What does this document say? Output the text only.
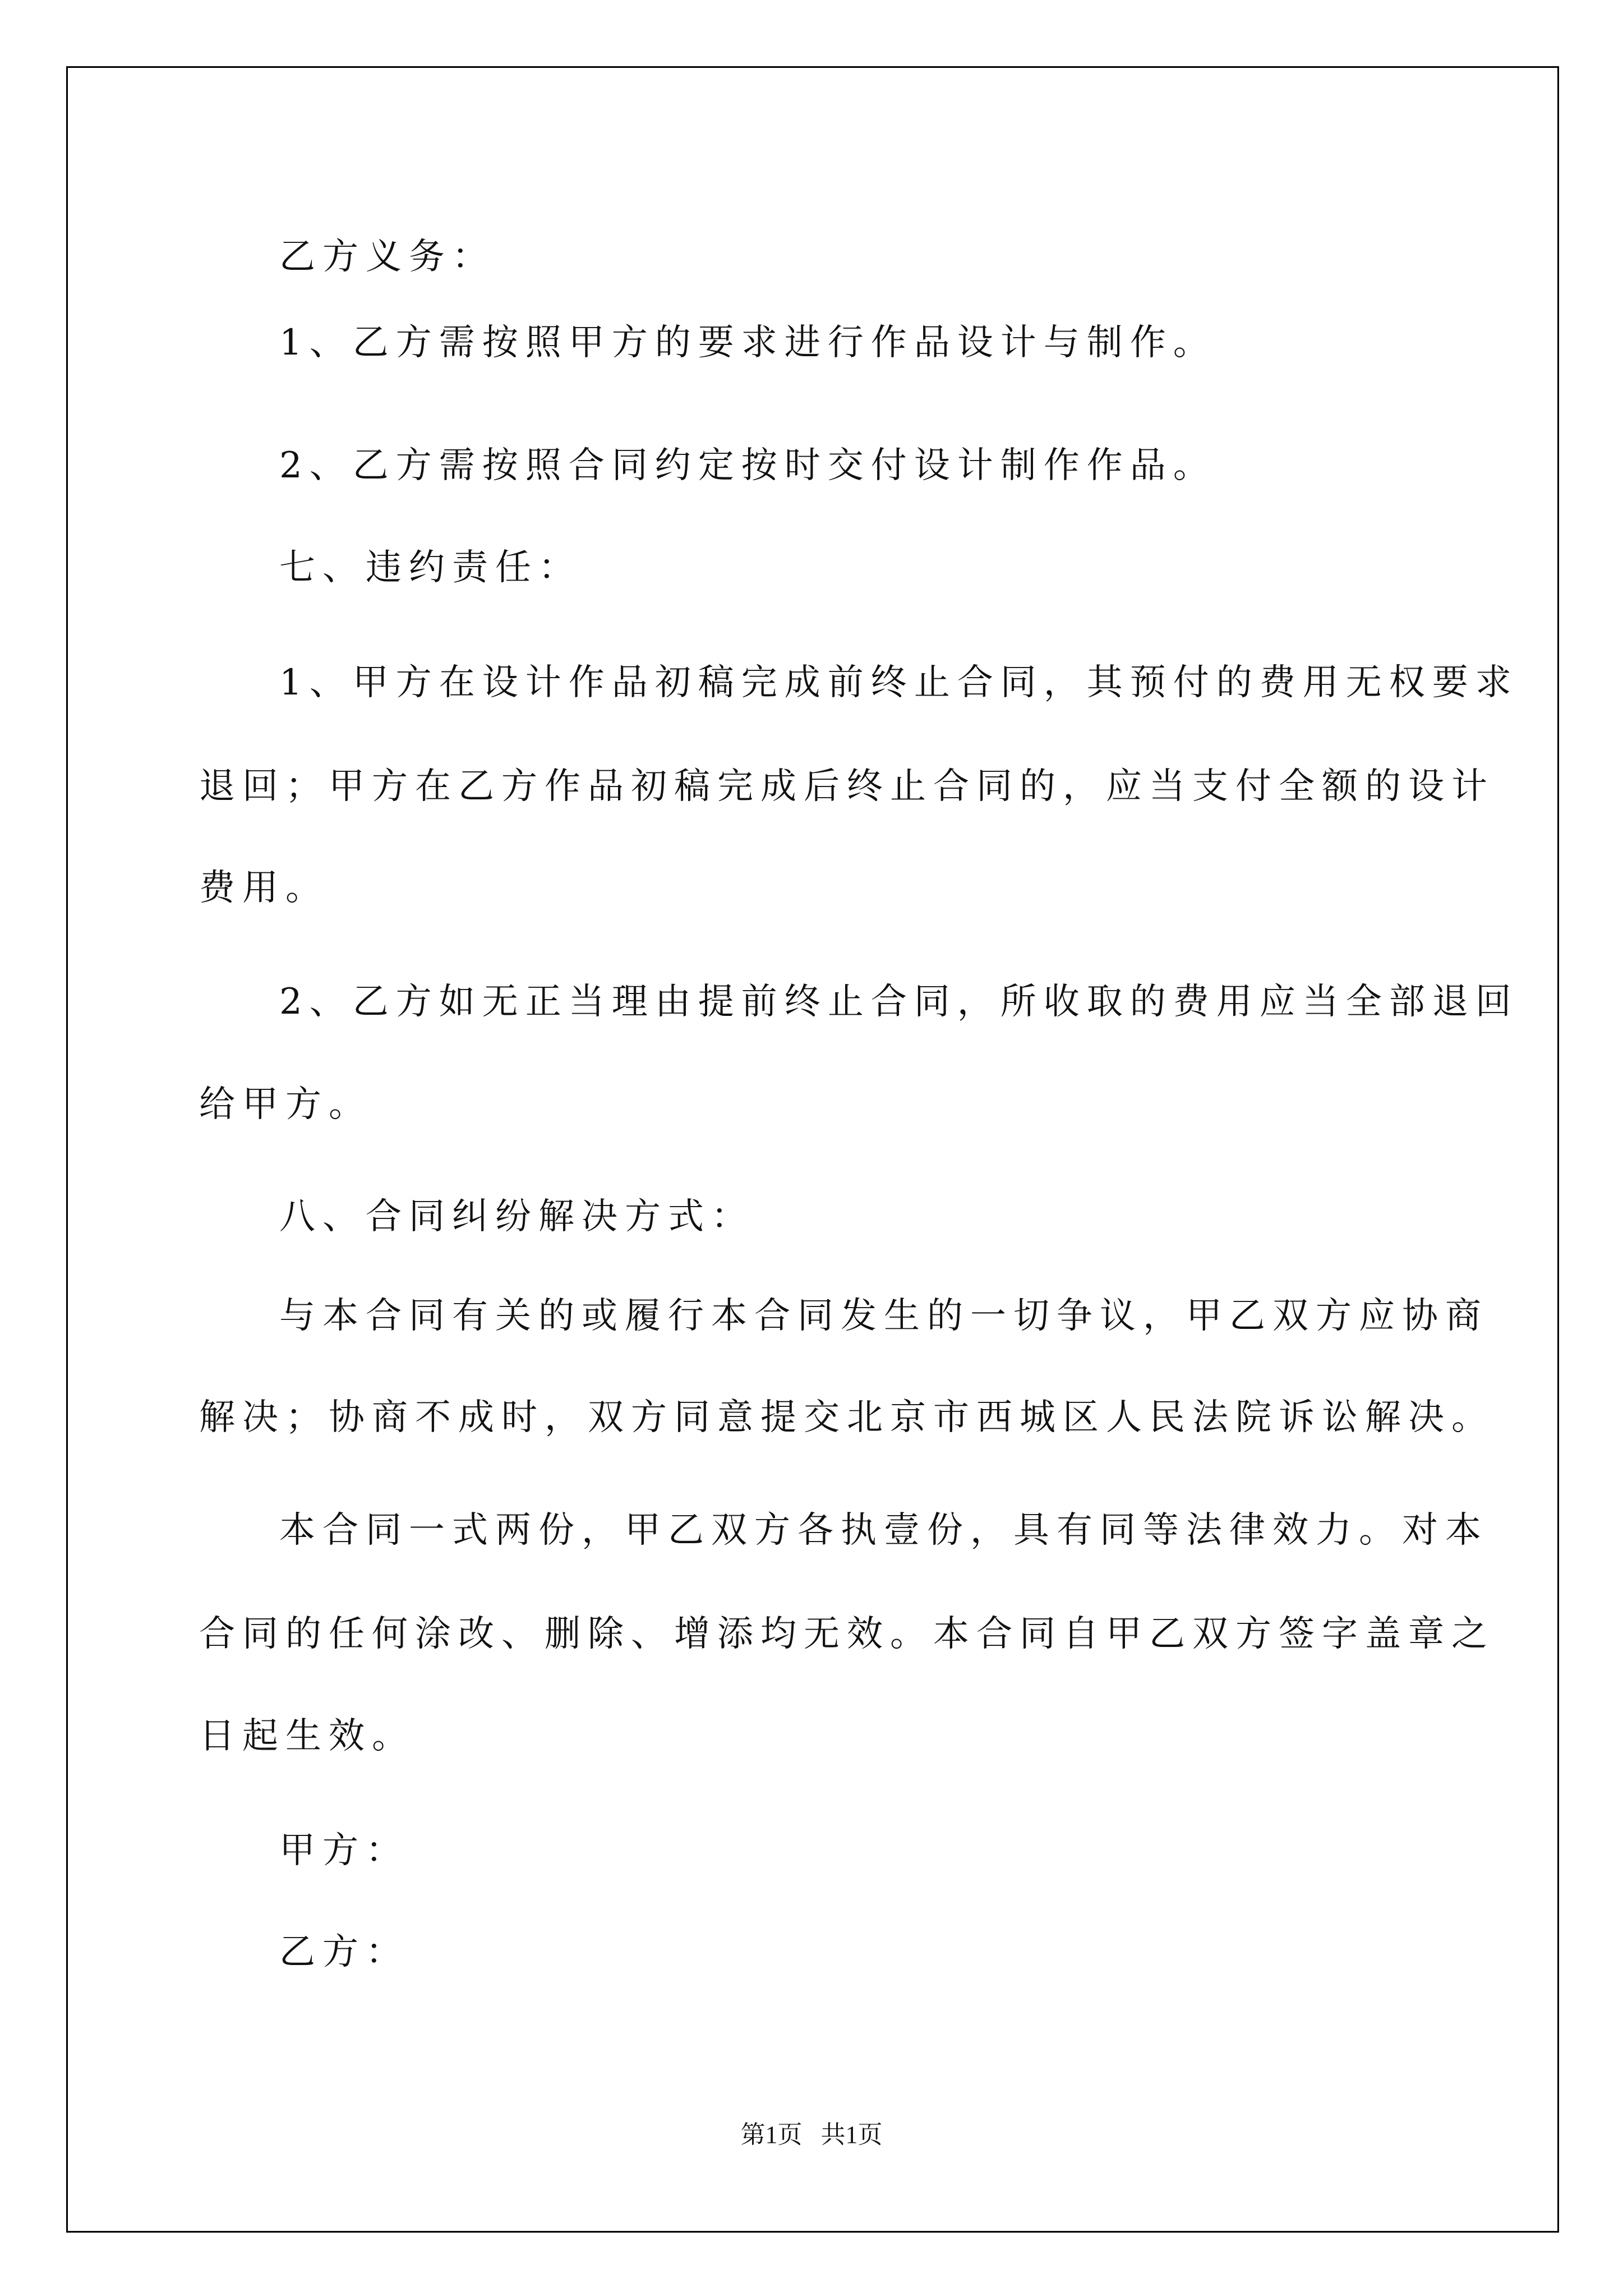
乙方义务：

1、乙方需按照甲方的要求进行作品设计与制作。

2、乙方需按照合同约定按时交付设计制作作品。

七、违约责任：

1、甲方在设计作品初稿完成前终止合同，其预付的费用无权要求

退回；甲方在乙方作品初稿完成后终止合同的，应当支付全额的设计

费用。

2、乙方如无正当理由提前终止合同，所收取的费用应当全部退回

给甲方。

八、合同纠纷解决方式：

与本合同有关的或履行本合同发生的一切争议，甲乙双方应协商

解决；协商不成时，双方同意提交北京市西城区人民法院诉讼解决。

本合同一式两份，甲乙双方各执壹份，具有同等法律效力。对本

合同的任何涂改、删除、增添均无效。本合同自甲乙双方签字盖章之

日起生效。

甲方：

乙方：

第1页   共1页
